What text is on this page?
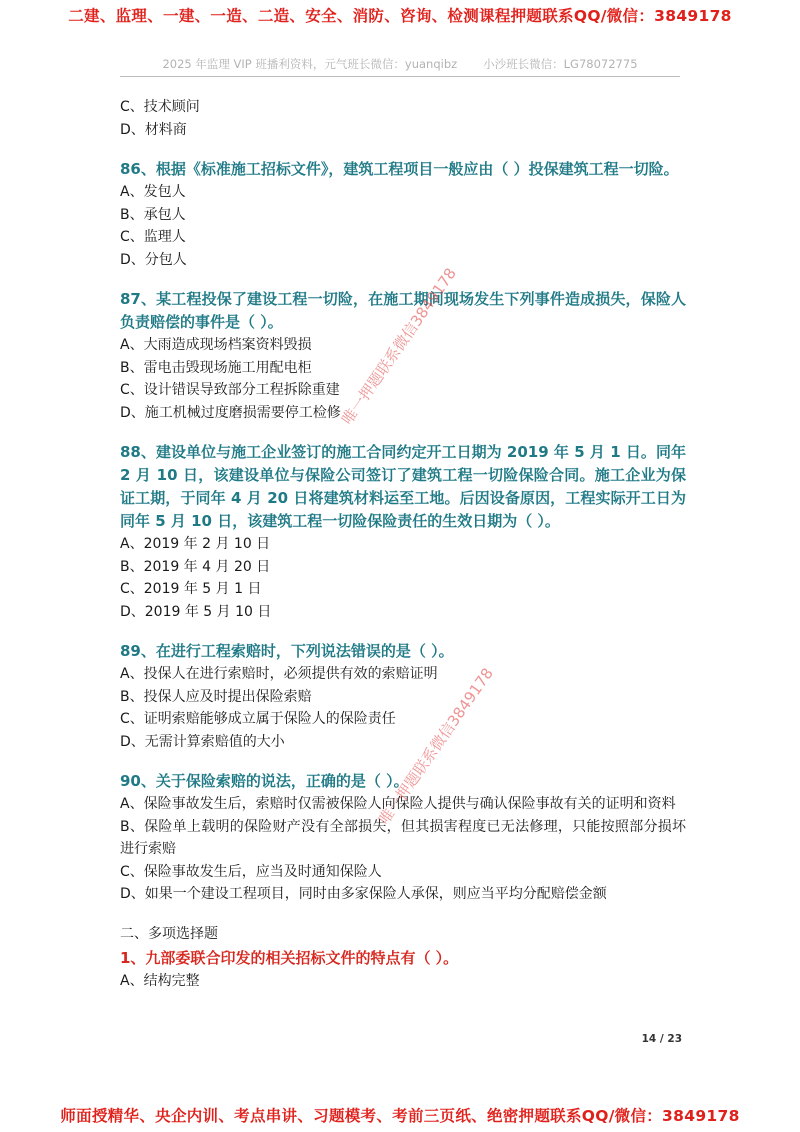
二建、监理、一建、一造、二造、安全、消防、咨询、检测课程押题联系QQ/微信：3849178
2025 年监理 VIP 班播利资料，元气班长微信：yuanqibz 小沙班长微信：LG78072775
C、技术顾问
D、材料商
86、根据《标准施工招标文件》，建筑工程项目一般应由（ ）投保建筑工程一切险。
A、发包人
B、承包人
C、监理人
D、分包人
87、某工程投保了建设工程一切险，在施工期间现场发生下列事件造成损失，保险人负责赔偿的事件是（ ）。
A、大雨造成现场档案资料毁损
B、雷电击毁现场施工用配电柜
C、设计错误导致部分工程拆除重建
D、施工机械过度磨损需要停工检修
88、建设单位与施工企业签订的施工合同约定开工日期为 2019 年 5 月 1 日。同年 2 月 10 日，该建设单位与保险公司签订了建筑工程一切险保险合同。施工企业为保证工期，于同年 4 月 20 日将建筑材料运至工地。后因设备原因，工程实际开工日为同年 5 月 10 日，该建筑工程一切险保险责任的生效日期为（ ）。
A、2019 年 2 月 10 日
B、2019 年 4 月 20 日
C、2019 年 5 月 1 日
D、2019 年 5 月 10 日
89、在进行工程索赔时，下列说法错误的是（ ）。
A、投保人在进行索赔时，必须提供有效的索赔证明
B、投保人应及时提出保险索赔
C、证明索赔能够成立属于保险人的保险责任
D、无需计算索赔值的大小
90、关于保险索赔的说法，正确的是（ ）。
A、保险事故发生后，索赔时仅需被保险人向保险人提供与确认保险事故有关的证明和资料
B、保险单上载明的保险财产没有全部损失，但其损害程度已无法修理，只能按照部分损坏进行索赔
C、保险事故发生后，应当及时通知保险人
D、如果一个建设工程项目，同时由多家保险人承保，则应当平均分配赔偿金额
二、多项选择题
1、九部委联合印发的相关招标文件的特点有（ ）。
A、结构完整
唯一押题联系微信3849178
唯一押题联系微信3849178
14 / 23
师面授精华、央企内训、考点串讲、习题模考、考前三页纸、绝密押题联系QQ/微信：3849178
